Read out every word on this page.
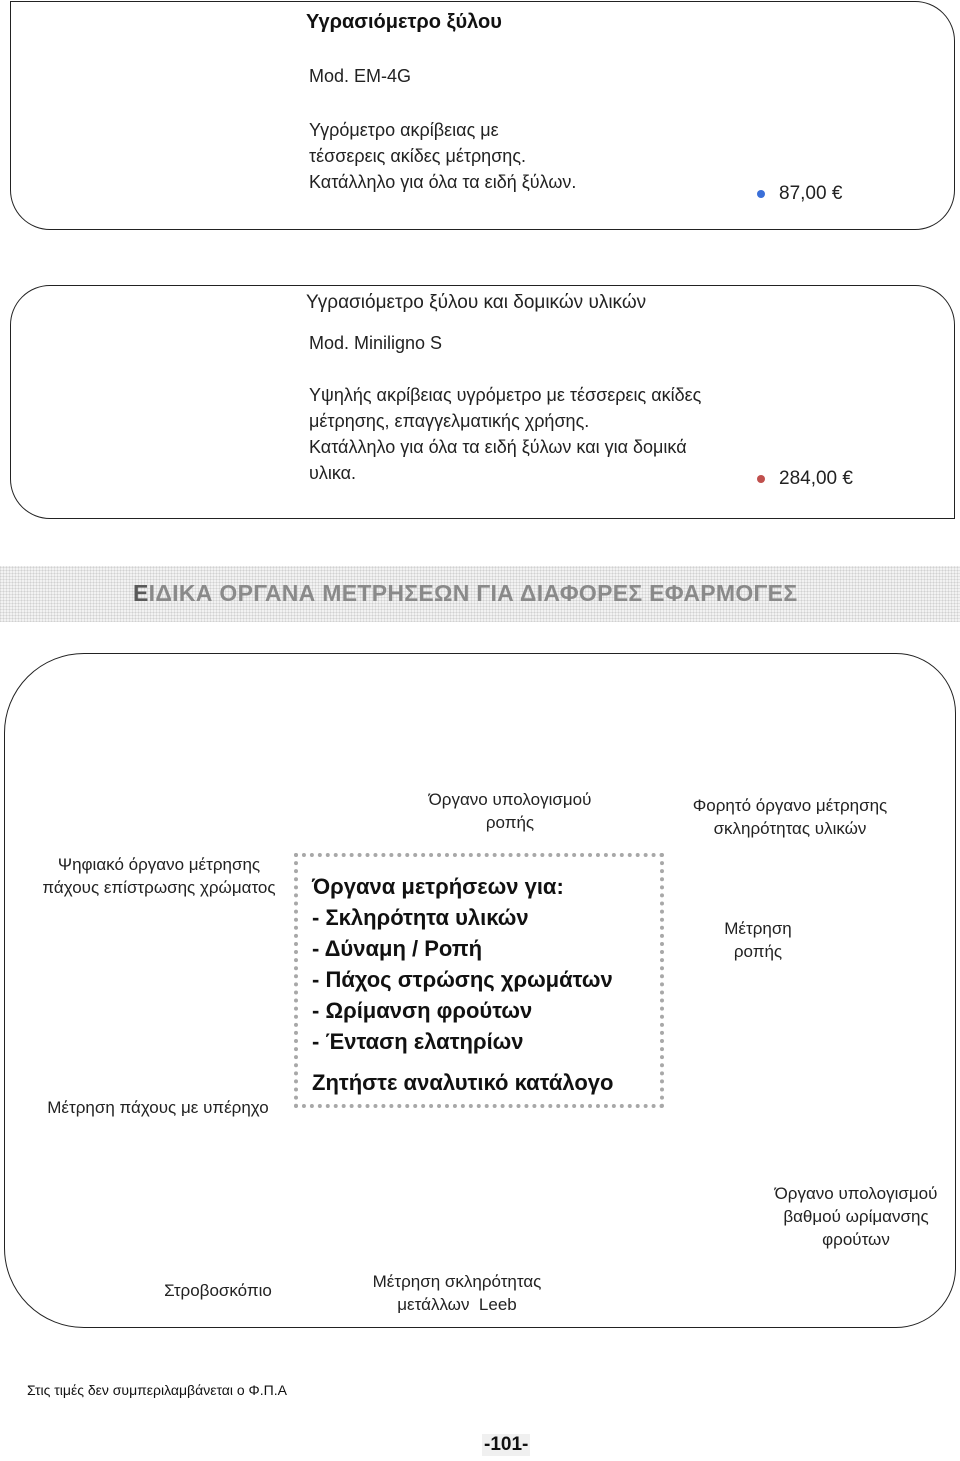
Υγρασιόμετρο ξύλου
Mod. EM-4G
Υγρόμετρο ακρίβειας με
τέσσερεις ακίδες μέτρησης.
Κατάλληλο για όλα τα ειδή ξύλων.
87,00 €
Υγρασιόμετρο ξύλου και δομικών υλικών
Mod. Miniligno S
Υψηλής ακρίβειας υγρόμετρο με τέσσερεις ακίδες
μέτρησης, επαγγελματικής χρήσης.
Κατάλληλο για όλα τα ειδή ξύλων και για δομικά
υλικα.	284,00 €
ΕΙΔΙΚΑ ΟΡΓΑΝΑ ΜΕΤΡΗΣΕΩΝ ΓΙΑ ΔΙΑΦΟΡΕΣ ΕΦΑΡΜΟΓΕΣ
Όργανο υπολογισμού
ροπής
Φορητό όργανο μέτρησης
σκληρότητας υλικών
Ψηφιακό όργανο μέτρησης
πάχους επίστρωσης χρώματος
Μέτρηση
ροπής
Μέτρηση πάχους με υπέρηχο
Όργανο υπολογισμού
βαθμού ωρίμανσης
φρούτων
Στροβοσκόπιο	Μέτρηση σκληρότητας
μετάλλων  Leeb
Όργανα μετρήσεων για:
- Σκληρότητα υλικών
- Δύναμη / Ροπή
- Πάχος στρώσης χρωμάτων
- Ωρίμανση φρούτων
- Ένταση ελατηρίων
Ζητήστε αναλυτικό κατάλογο
Στις τιμές δεν συμπεριλαμβάνεται ο Φ.Π.Α
-101-
